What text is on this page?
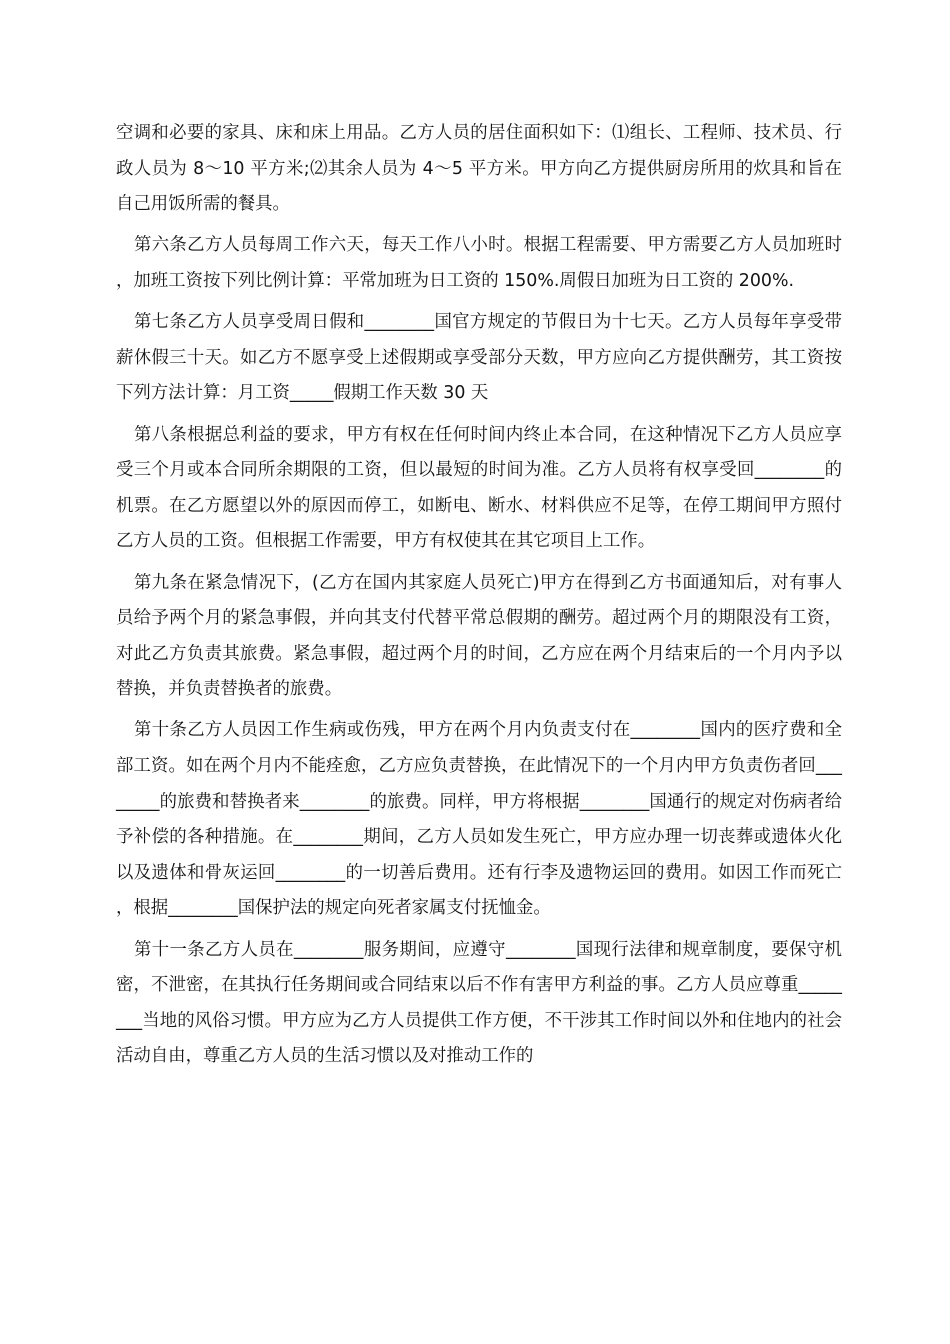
空调和必要的家具、床和床上用品。乙方人员的居住面积如下：⑴组长、工程师、技术员、行政人员为 8～10 平方米;⑵其余人员为 4～5 平方米。甲方向乙方提供厨房所用的炊具和旨在自己用饭所需的餐具。

第六条乙方人员每周工作六天，每天工作八小时。根据工程需要、甲方需要乙方人员加班时，加班工资按下列比例计算：平常加班为日工资的 150%.周假日加班为日工资的 200%.

第七条乙方人员享受周日假和________国官方规定的节假日为十七天。乙方人员每年享受带薪休假三十天。如乙方不愿享受上述假期或享受部分天数，甲方应向乙方提供酬劳，其工资按下列方法计算：月工资_____假期工作天数 30 天

第八条根据总利益的要求，甲方有权在任何时间内终止本合同，在这种情况下乙方人员应享受三个月或本合同所余期限的工资，但以最短的时间为准。乙方人员将有权享受回________的机票。在乙方愿望以外的原因而停工，如断电、断水、材料供应不足等，在停工期间甲方照付乙方人员的工资。但根据工作需要，甲方有权使其在其它项目上工作。

第九条在紧急情况下，(乙方在国内其家庭人员死亡)甲方在得到乙方书面通知后，对有事人员给予两个月的紧急事假，并向其支付代替平常总假期的酬劳。超过两个月的期限没有工资，对此乙方负责其旅费。紧急事假，超过两个月的时间，乙方应在两个月结束后的一个月内予以替换，并负责替换者的旅费。

第十条乙方人员因工作生病或伤残，甲方在两个月内负责支付在________国内的医疗费和全部工资。如在两个月内不能痊愈，乙方应负责替换，在此情况下的一个月内甲方负责伤者回________的旅费和替换者来________的旅费。同样，甲方将根据________国通行的规定对伤病者给予补偿的各种措施。在________期间，乙方人员如发生死亡，甲方应办理一切丧葬或遗体火化以及遗体和骨灰运回________的一切善后费用。还有行李及遗物运回的费用。如因工作而死亡，根据________国保护法的规定向死者家属支付抚恤金。

第十一条乙方人员在________服务期间，应遵守________国现行法律和规章制度，要保守机密，不泄密，在其执行任务期间或合同结束以后不作有害甲方利益的事。乙方人员应尊重________当地的风俗习惯。甲方应为乙方人员提供工作方便，不干涉其工作时间以外和住地内的社会活动自由，尊重乙方人员的生活习惯以及对推动工作的
